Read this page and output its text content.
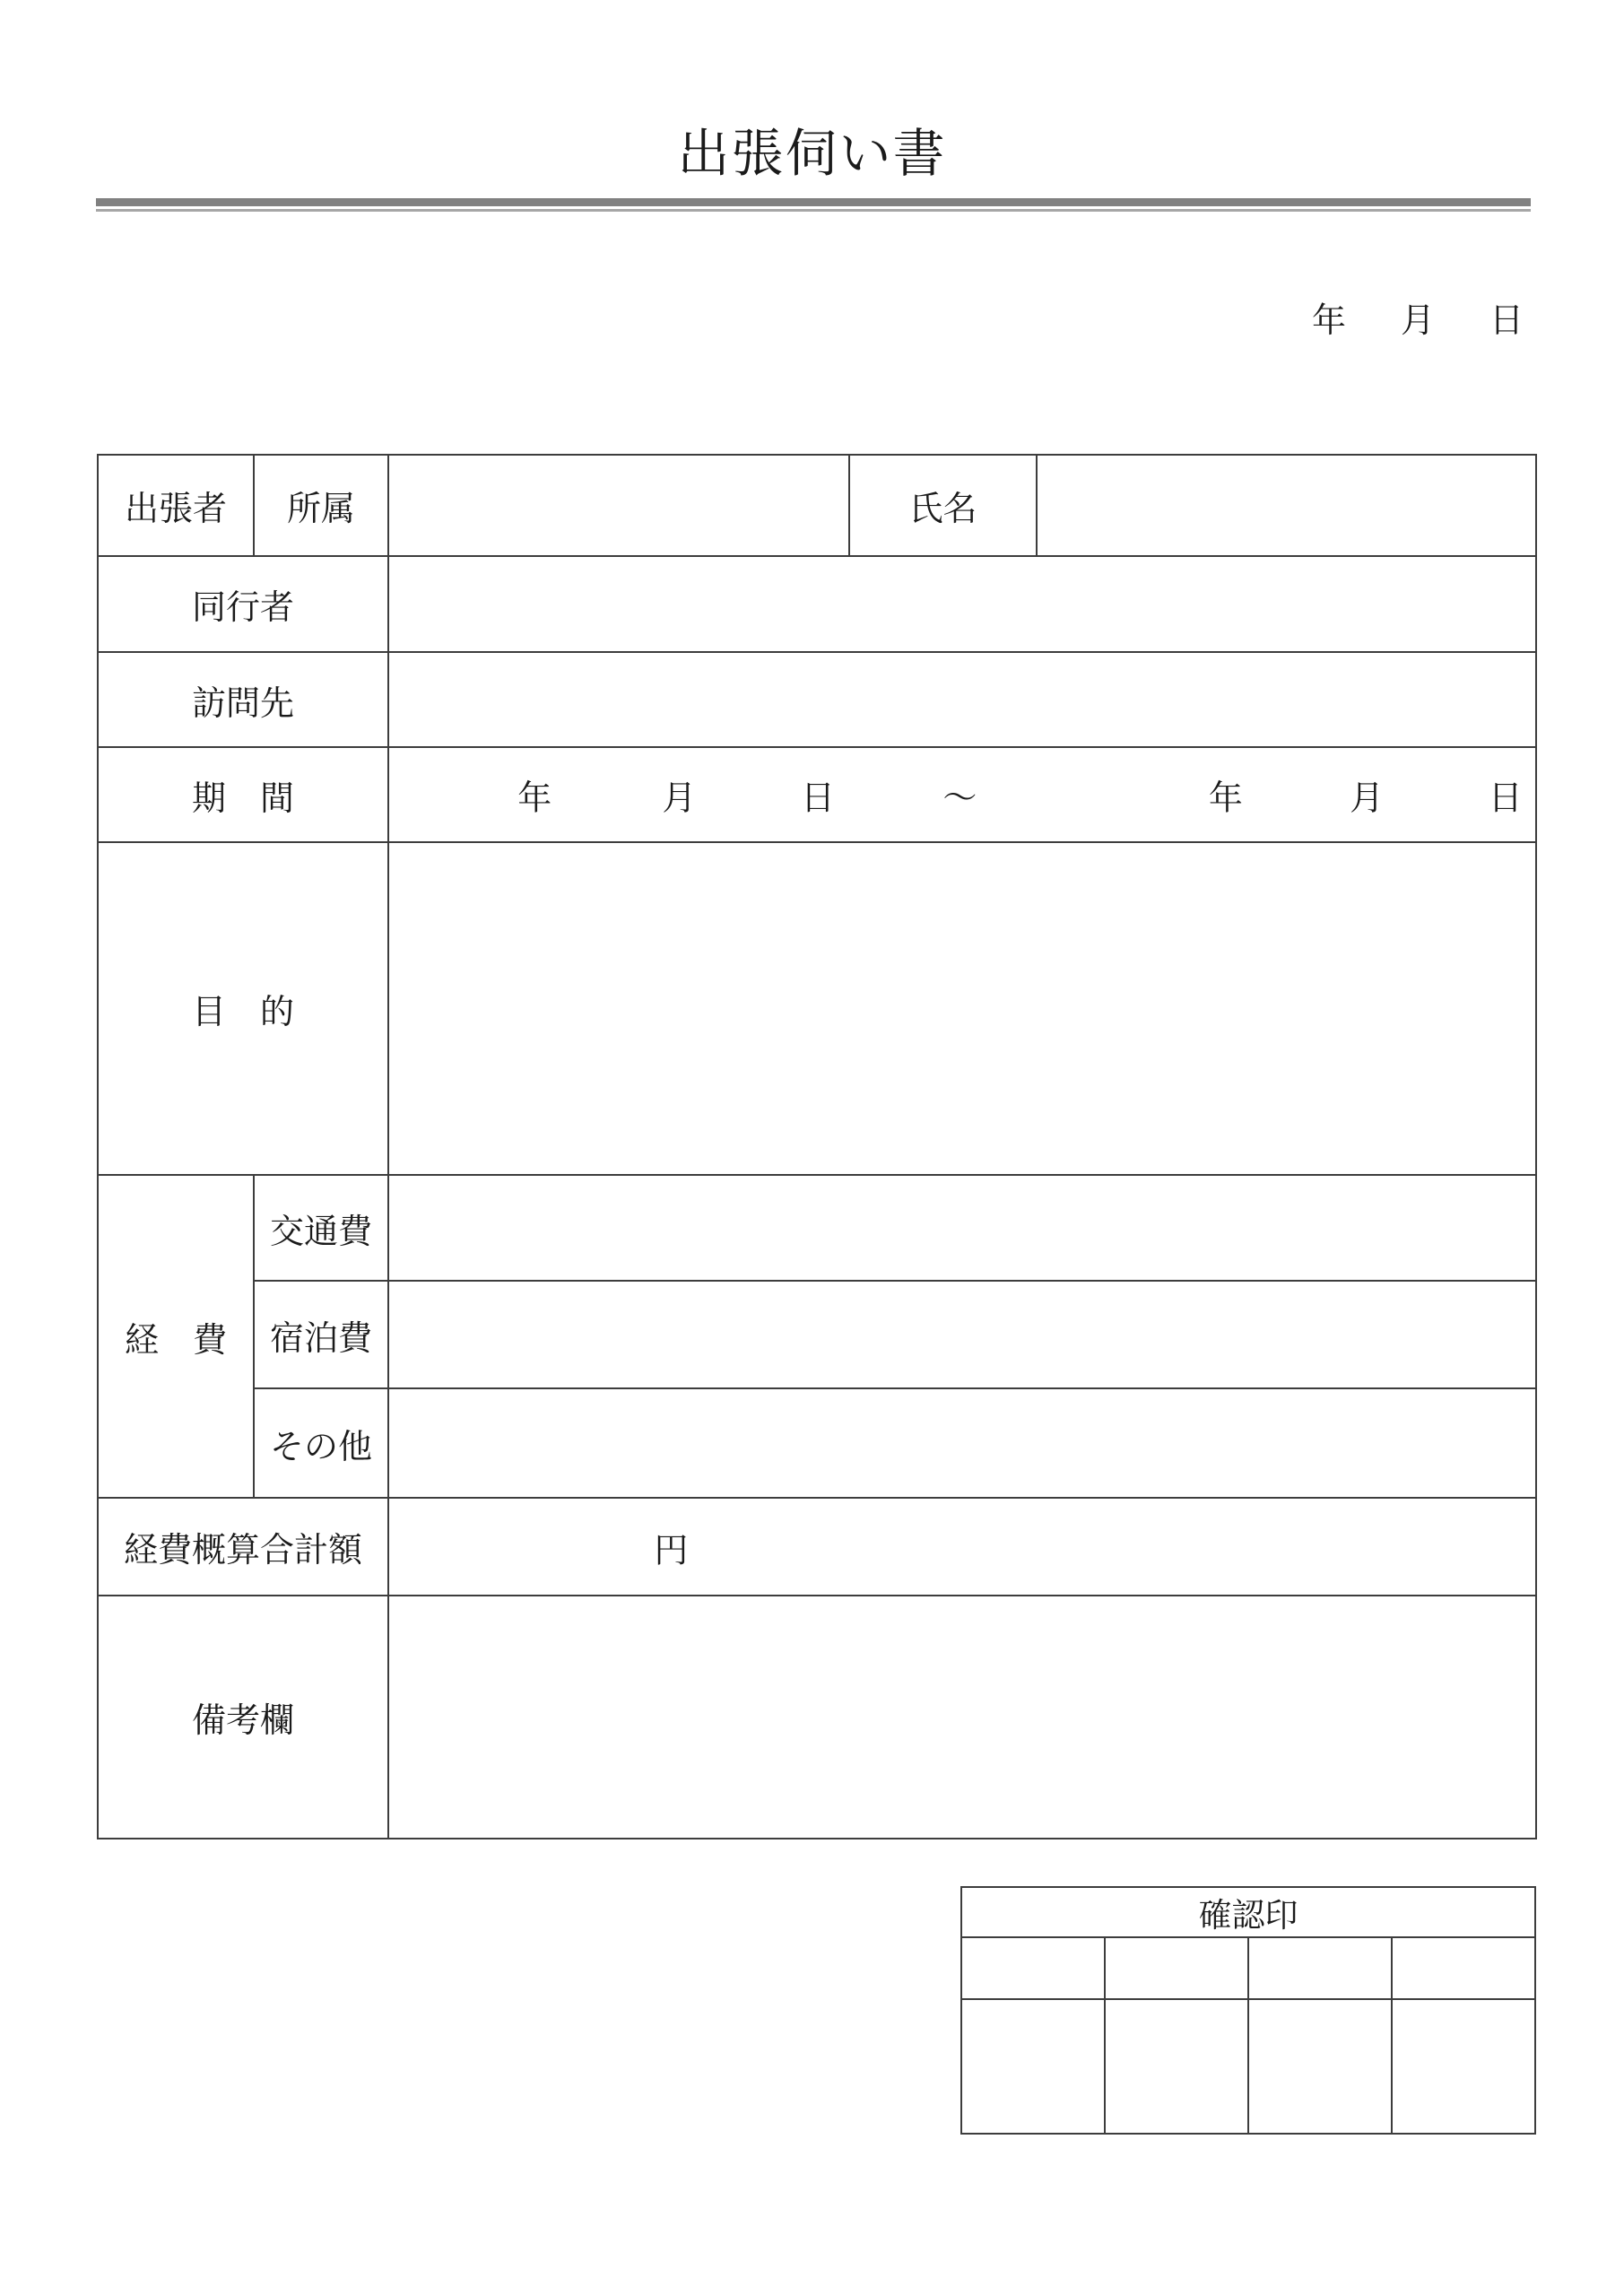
出張伺い書
年 月 日
出張者	所属		氏名	
同行者				
訪問先				
期　間	年	月	日	～	年	月	日

目　的				
経　費	交通費			
	宿泊費			
	その他			
経費概算合計額		円		

備考欄				
確認印			
